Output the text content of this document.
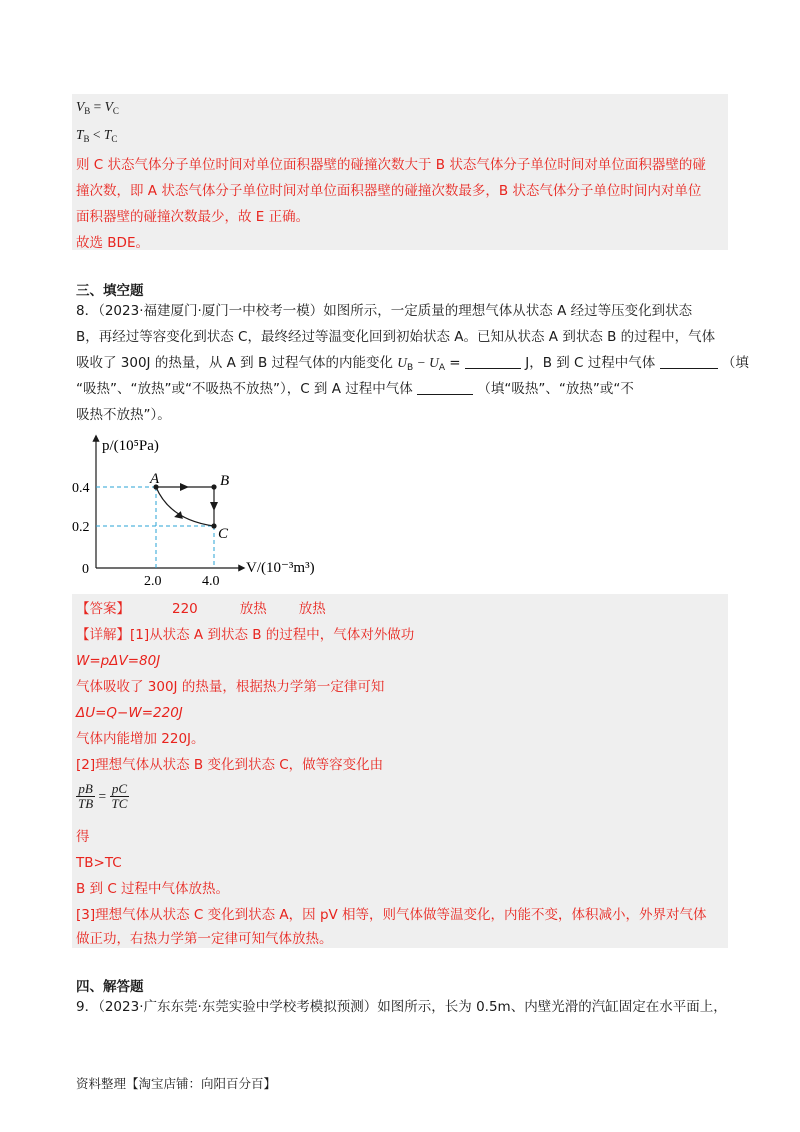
$V_B = V_C$
$T_B < T_C$
则 C 状态气体分子单位时间对单位面积器壁的碰撞次数大于 B 状态气体分子单位时间对单位面积器壁的碰
撞次数，即 A 状态气体分子单位时间对单位面积器壁的碰撞次数最多，B 状态气体分子单位时间内对单位
面积器壁的碰撞次数最少，故 E 正确。
故选 BDE。
三、填空题
8．（2023·福建厦门·厦门一中校考一模）如图所示，一定质量的理想气体从状态 A 经过等压变化到状态
B，再经过等容变化到状态 C，最终经过等温变化回到初始状态 A。已知从状态 A 到状态 B 的过程中，气体
吸收了 300J 的热量，从 A 到 B 过程气体的内能变化 $U_B - U_A$ =	J，B 到 C 过程中气体	（填
“吸热”、“放热”或“不吸热不放热”），C 到 A 过程中气体	（填“吸热”、“放热”或“不
吸热不放热”）。
p/(10⁵Pa)
V/(10⁻³m³)
0
0.4
0.2
2.0	4.0
A	B
C
【答案】	220	放热 放热
【详解】[1]从状态 A 到状态 B 的过程中，气体对外做功
W=pΔV=80J
气体吸收了 300J 的热量，根据热力学第一定律可知
ΔU=Q−W=220J
气体内能增加 220J。
[2]理想气体从状态 B 变化到状态 C，做等容变化由
$\frac{pB}{TB} = \frac{pC}{TC}$
得
TB>TC
B 到 C 过程中气体放热。
[3]理想气体从状态 C 变化到状态 A，因 pV 相等，则气体做等温变化，内能不变，体积减小，外界对气体
做正功，右热力学第一定律可知气体放热。
四、解答题
9．（2023·广东东莞·东莞实验中学校考模拟预测）如图所示，长为 0.5m、内壁光滑的汽缸固定在水平面上，
资料整理【淘宝店铺：向阳百分百】
